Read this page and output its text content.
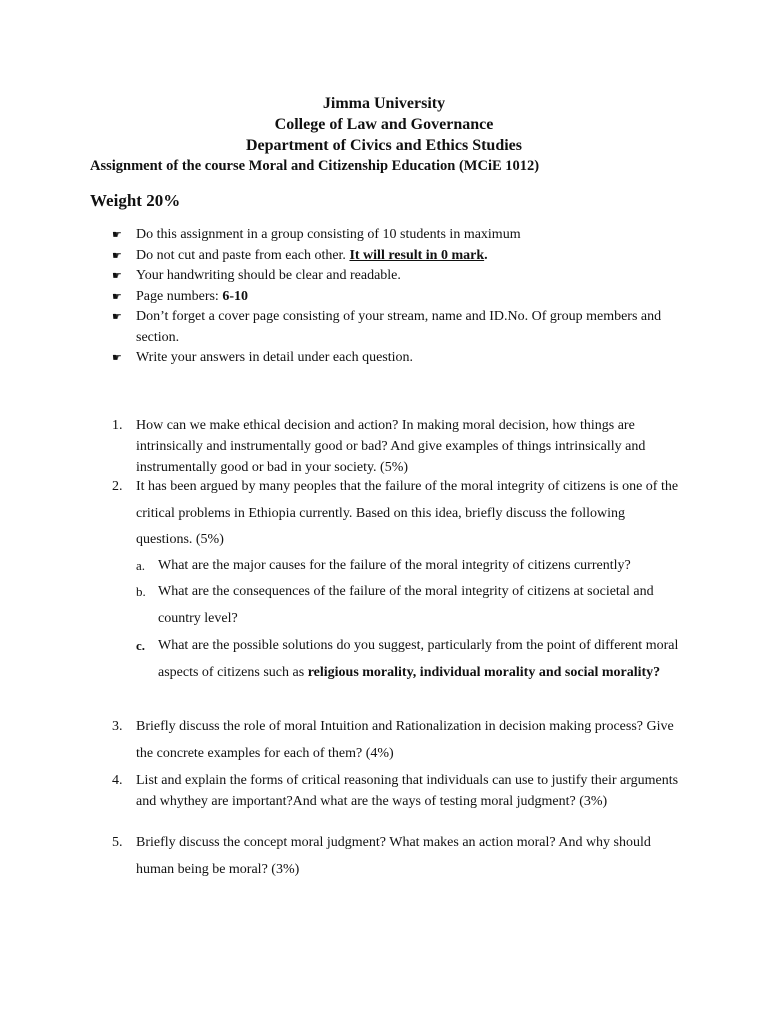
Jimma University
College of Law and Governance
Department of Civics and Ethics Studies
Assignment of the course Moral and Citizenship Education (MCiE 1012)
Weight 20%
☛ Do this assignment in a group consisting of 10 students in maximum
☛ Do not cut and paste from each other. It will result in 0 mark.
☛ Your handwriting should be clear and readable.
☛ Page numbers: 6-10
☛ Don’t forget a cover page consisting of your stream, name and ID.No. Of group members and section.
☛ Write your answers in detail under each question.
1. How can we make ethical decision and action? In making moral decision, how things are intrinsically and instrumentally good or bad? And give examples of things intrinsically and instrumentally good or bad in your society. (5%)
2. It has been argued by many peoples that the failure of the moral integrity of citizens is one of the critical problems in Ethiopia currently. Based on this idea, briefly discuss the following questions. (5%)
a. What are the major causes for the failure of the moral integrity of citizens currently?
b. What are the consequences of the failure of the moral integrity of citizens at societal and country level?
c. What are the possible solutions do you suggest, particularly from the point of different moral aspects of citizens such as religious morality, individual morality and social morality?
3. Briefly discuss the role of moral Intuition and Rationalization in decision making process? Give the concrete examples for each of them? (4%)
4. List and explain the forms of critical reasoning that individuals can use to justify their arguments and whythey are important?And what are the ways of testing moral judgment? (3%)
5. Briefly discuss the concept moral judgment? What makes an action moral? And why should human being be moral? (3%)
